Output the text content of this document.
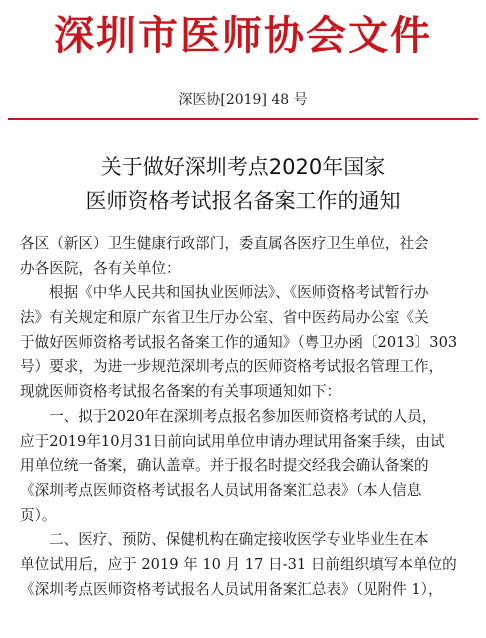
深圳市医师协会文件
深医协[2019] 48 号
关于做好深圳考点2020年国家
医师资格考试报名备案工作的通知
各区（新区）卫生健康行政部门，委直属各医疗卫生单位，社会
办各医院，各有关单位：
根据《中华人民共和国执业医师法》、《医师资格考试暂行办
法》有关规定和原广东省卫生厅办公室、省中医药局办公室《关
于做好医师资格考试报名备案工作的通知》（粤卫办函〔2013〕303
号）要求，为进一步规范深圳考点的医师资格考试报名管理工作，
现就医师资格考试报名备案的有关事项通知如下：
一、拟于2020年在深圳考点报名参加医师资格考试的人员，
应于2019年10月31日前向试用单位申请办理试用备案手续，由试
用单位统一备案，确认盖章。并于报名时提交经我会确认备案的
《深圳考点医师资格考试报名人员试用备案汇总表》（本人信息
页）。
二、医疗、预防、保健机构在确定接收医学专业毕业生在本
单位试用后，应于 2019 年 10 月 17 日-31 日前组织填写本单位的
《深圳考点医师资格考试报名人员试用备案汇总表》（见附件 1），
